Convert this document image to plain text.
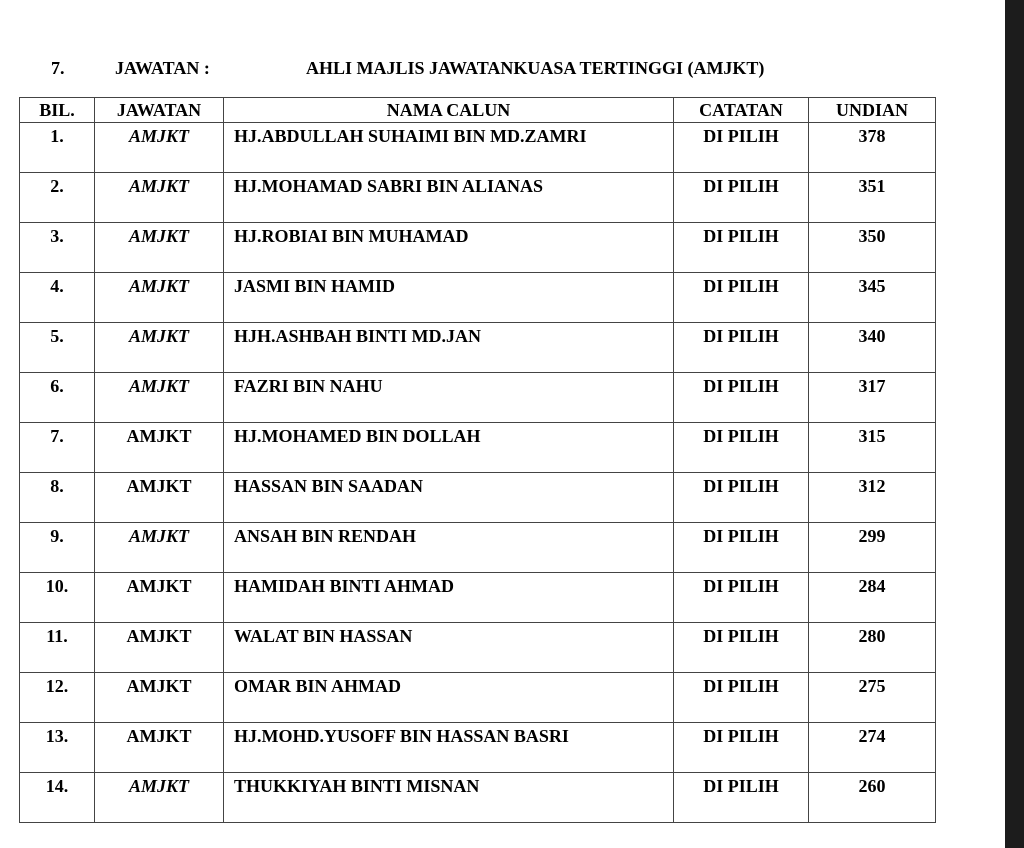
7.	JAWATAN :	AHLI MAJLIS JAWATANKUASA TERTINGGI (AMJKT)
BIL.	JAWATAN	NAMA CALUN	CATATAN	UNDIAN
1.	AMJKT	HJ.ABDULLAH SUHAIMI BIN MD.ZAMRI	DI PILIH	378
2.	AMJKT	HJ.MOHAMAD SABRI BIN ALIANAS	DI PILIH	351
3.	AMJKT	HJ.ROBIAI BIN MUHAMAD	DI PILIH	350
4.	AMJKT	JASMI BIN HAMID	DI PILIH	345
5.	AMJKT	HJH.ASHBAH BINTI MD.JAN	DI PILIH	340
6.	AMJKT	FAZRI BIN NAHU	DI PILIH	317
7.	AMJKT	HJ.MOHAMED BIN DOLLAH	DI PILIH	315
8.	AMJKT	HASSAN BIN SAADAN	DI PILIH	312
9.	AMJKT	ANSAH BIN RENDAH	DI PILIH	299
10.	AMJKT	HAMIDAH BINTI AHMAD	DI PILIH	284
11.	AMJKT	WALAT BIN HASSAN	DI PILIH	280
12.	AMJKT	OMAR BIN AHMAD	DI PILIH	275
13.	AMJKT	HJ.MOHD.YUSOFF BIN HASSAN BASRI	DI PILIH	274
14.	AMJKT	THUKKIYAH BINTI MISNAN	DI PILIH	260
